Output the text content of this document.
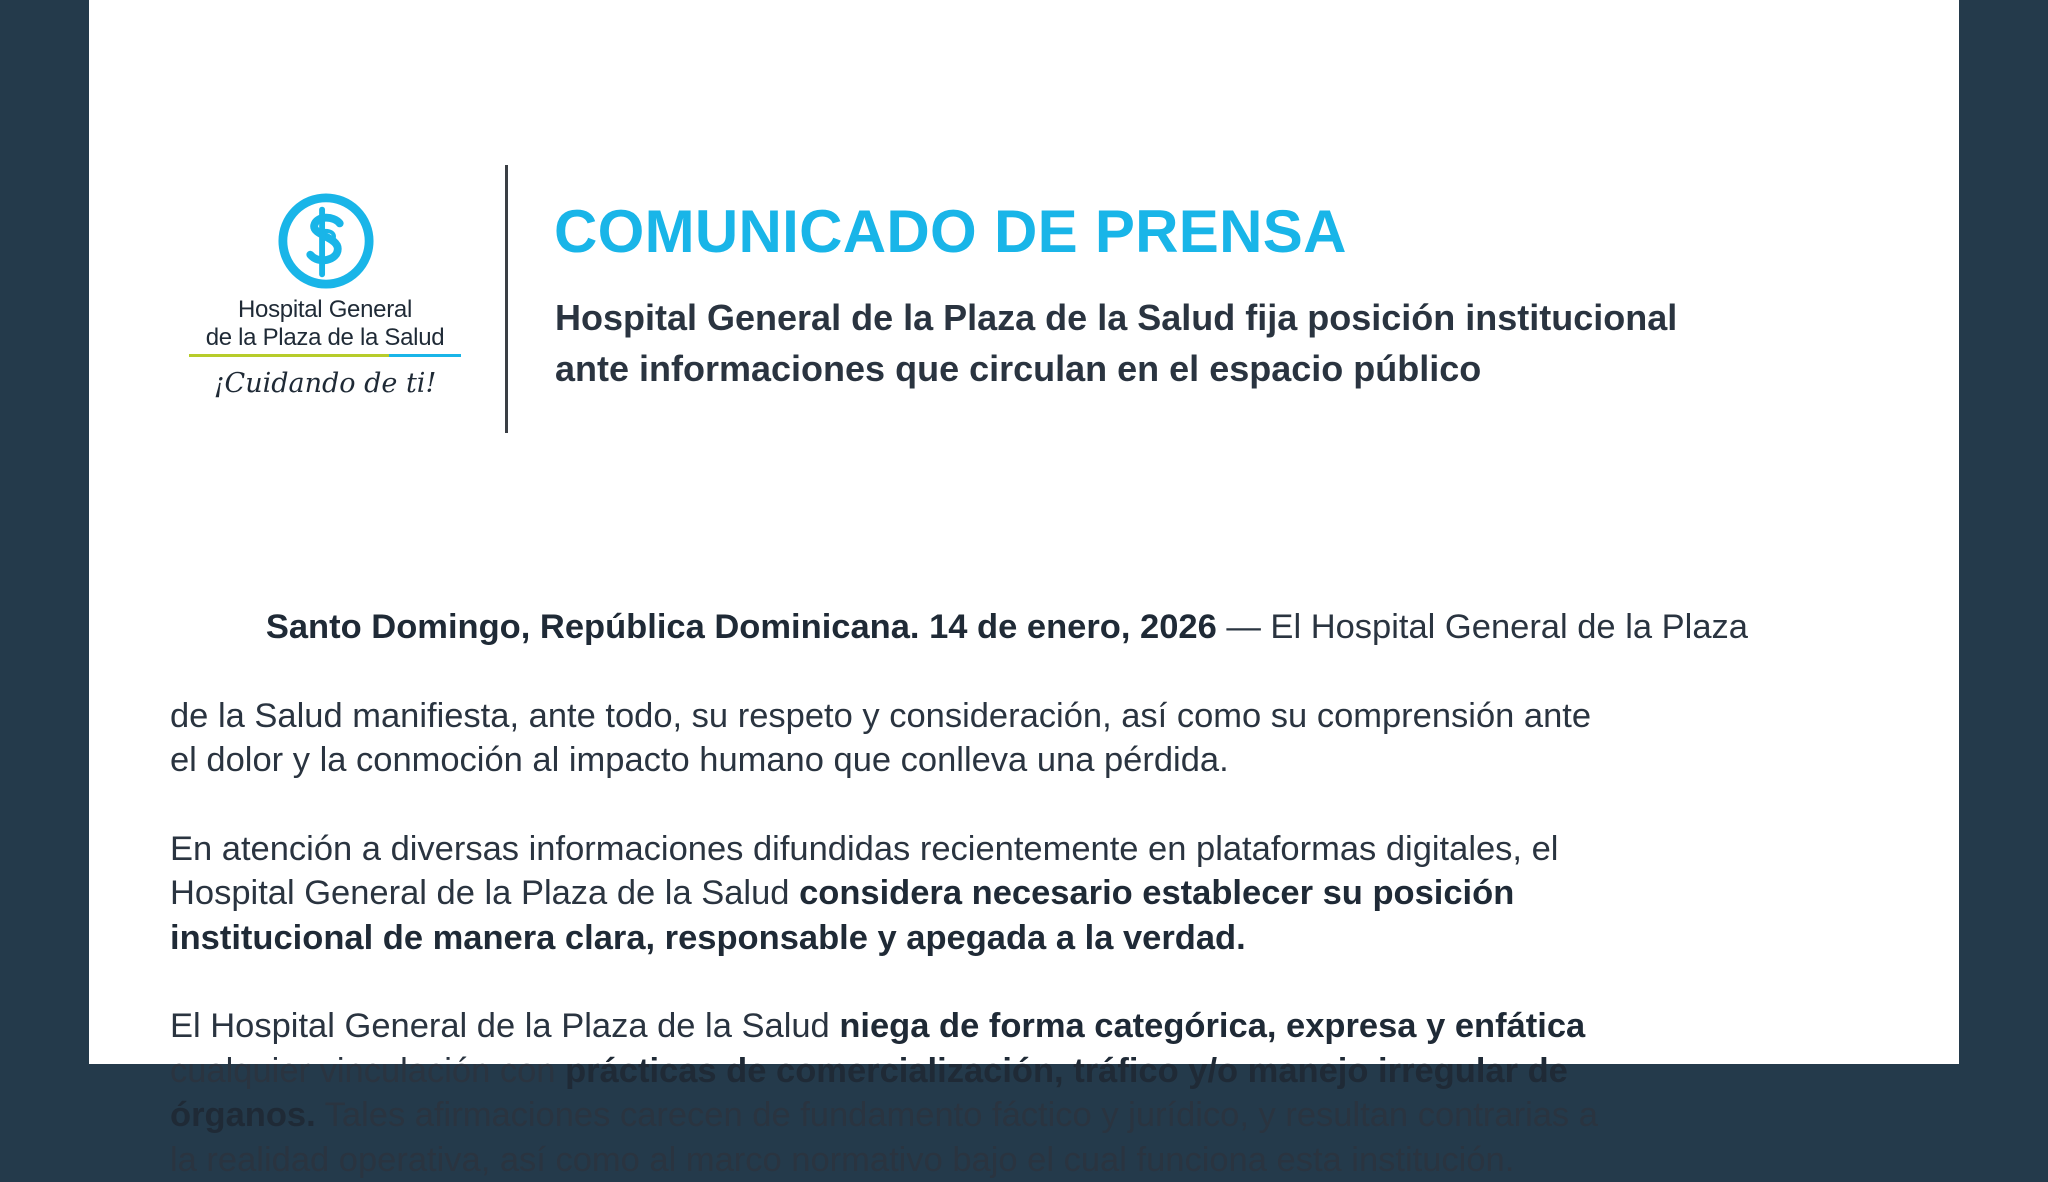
Hospital General
de la Plaza de la Salud
¡Cuidando de ti!
COMUNICADO DE PRENSA
Hospital General de la Plaza de la Salud fija posición institucional
ante informaciones que circulan en el espacio público

Santo Domingo, República Dominicana. 14 de enero, 2026 — El Hospital General de la Plaza

de la Salud manifiesta, ante todo, su respeto y consideración, así como su comprensión ante
el dolor y la conmoción al impacto humano que conlleva una pérdida.
En atención a diversas informaciones difundidas recientemente en plataformas digitales, el
Hospital General de la Plaza de la Salud considera necesario establecer su posición
institucional de manera clara, responsable y apegada a la verdad.
El Hospital General de la Plaza de la Salud niega de forma categórica, expresa y enfática
cualquier vinculación con prácticas de comercialización, tráfico y/o manejo irregular de
órganos. Tales afirmaciones carecen de fundamento fáctico y jurídico, y resultan contrarias a
la realidad operativa, así como al marco normativo bajo el cual funciona esta institución.
